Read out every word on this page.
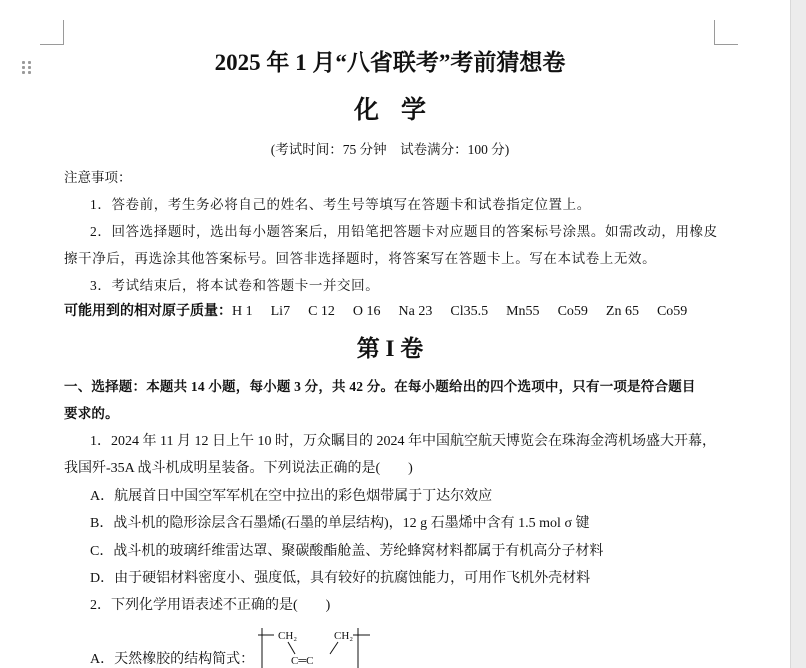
2025 年 1 月“八省联考”考前猜想卷
化学
(考试时间：75 分钟　试卷满分：100 分)
注意事项：
1．答卷前，考生务必将自己的姓名、考生号等填写在答题卡和试卷指定位置上。
2．回答选择题时，选出每小题答案后，用铅笔把答题卡对应题目的答案标号涂黑。如需改动，用橡皮
擦干净后，再选涂其他答案标号。回答非选择题时，将答案写在答题卡上。写在本试卷上无效。
3．考试结束后，将本试卷和答题卡一并交回。
可能用到的相对原子质量：H 1 Li7 C 12 O 16 Na 23 Cl35.5 Mn55 Co59 Zn 65 Co59
第 I 卷
一、选择题：本题共 14 小题，每小题 3 分，共 42 分。在每小题给出的四个选项中，只有一项是符合题目
要求的。
1．2024 年 11 月 12 日上午 10 时，万众瞩目的 2024 年中国航空航天博览会在珠海金湾机场盛大开幕，
我国歼-35A 战斗机成明星装备。下列说法正确的是(　　)
A．航展首日中国空军军机在空中拉出的彩色烟带属于丁达尔效应
B．战斗机的隐形涂层含石墨烯(石墨的单层结构)，12 g 石墨烯中含有 1.5 mol σ 键
C．战斗机的玻璃纤维雷达罩、聚碳酸酯舱盖、芳纶蜂窝材料都属于有机高分子材料
D．由于硬铝材料密度小、强度低，具有较好的抗腐蚀能力，可用作飞机外壳材料
2．下列化学用语表述不正确的是(　　)
A．天然橡胶的结构简式：
CH₂	CH₂
C═C
